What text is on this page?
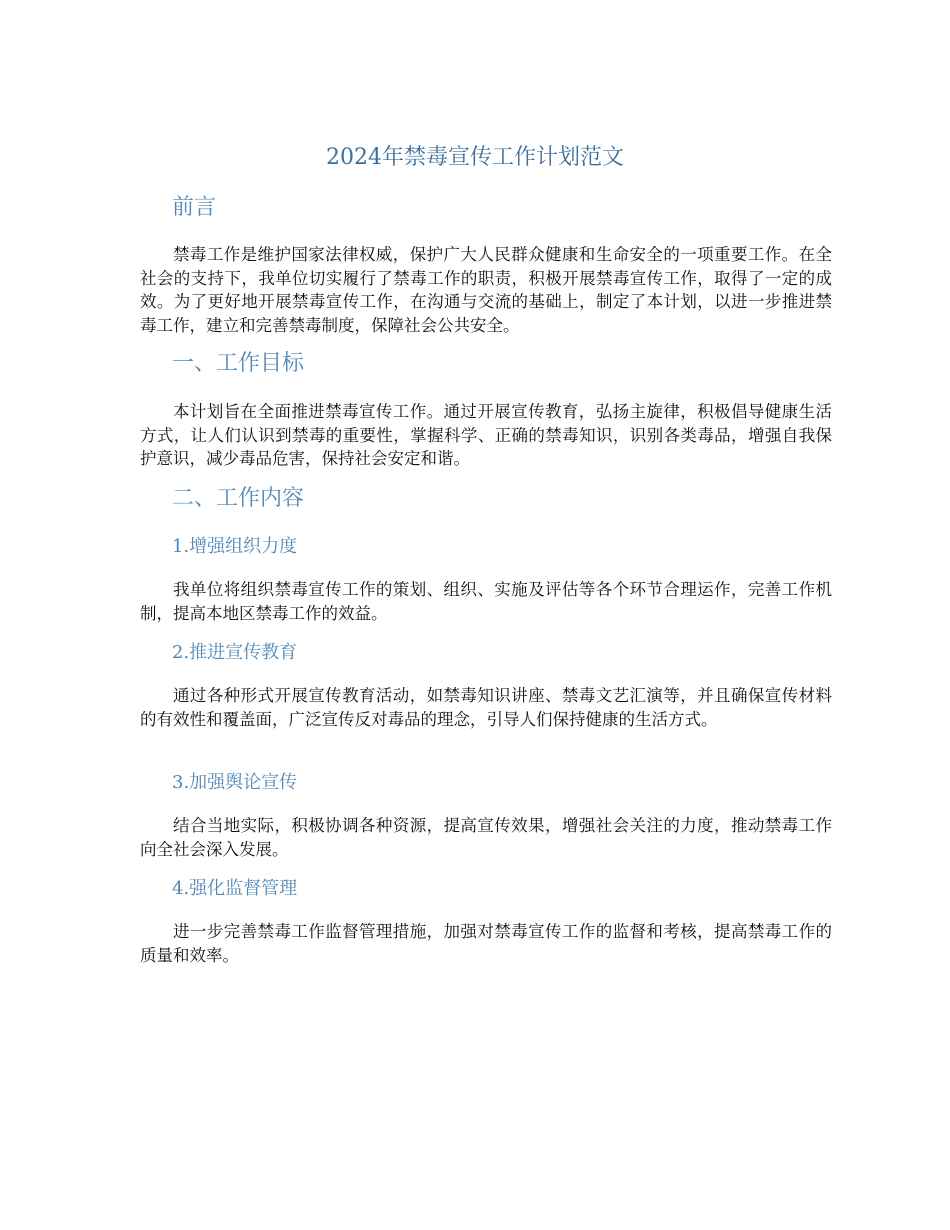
2024年禁毒宣传工作计划范文
前言

禁毒工作是维护国家法律权威，保护广大人民群众健康和生命安全的一项重要工作。在全社会的支持下，我单位切实履行了禁毒工作的职责，积极开展禁毒宣传工作，取得了一定的成效。为了更好地开展禁毒宣传工作，在沟通与交流的基础上，制定了本计划，以进一步推进禁毒工作，建立和完善禁毒制度，保障社会公共安全。

一、工作目标

本计划旨在全面推进禁毒宣传工作。通过开展宣传教育，弘扬主旋律，积极倡导健康生活方式，让人们认识到禁毒的重要性，掌握科学、正确的禁毒知识，识别各类毒品，增强自我保护意识，减少毒品危害，保持社会安定和谐。

二、工作内容
1.增强组织力度

我单位将组织禁毒宣传工作的策划、组织、实施及评估等各个环节合理运作，完善工作机制，提高本地区禁毒工作的效益。

2.推进宣传教育

通过各种形式开展宣传教育活动，如禁毒知识讲座、禁毒文艺汇演等，并且确保宣传材料的有效性和覆盖面，广泛宣传反对毒品的理念，引导人们保持健康的生活方式。

3.加强舆论宣传

结合当地实际，积极协调各种资源，提高宣传效果，增强社会关注的力度，推动禁毒工作向全社会深入发展。

4.强化监督管理

进一步完善禁毒工作监督管理措施，加强对禁毒宣传工作的监督和考核，提高禁毒工作的质量和效率。
